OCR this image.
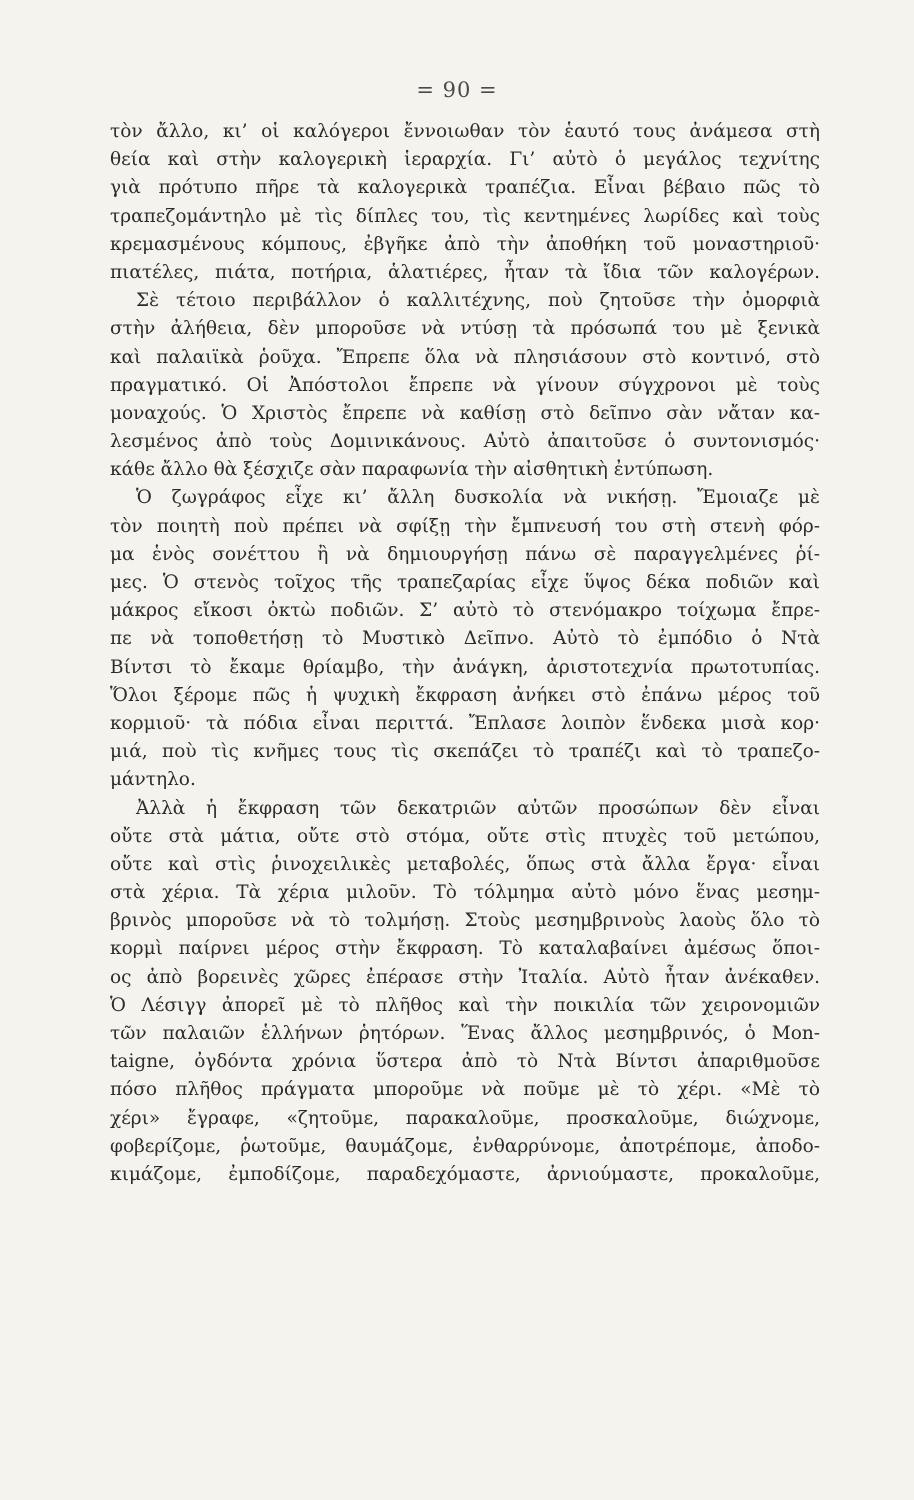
= 90 =
τὸν ἄλλο, κι’ οἱ καλόγεροι ἔννοιωθαν τὸν ἑαυτό τους ἀνάμεσα στὴ
θεία καὶ στὴν καλογερικὴ ἱεραρχία. Γι’ αὐτὸ ὁ μεγάλος τεχνίτης
γιὰ πρότυπο πῆρε τὰ καλογερικὰ τραπέζια. Εἶναι βέβαιο πῶς τὸ
τραπεζομάντηλο μὲ τὶς δίπλες του, τὶς κεντημένες λωρίδες καὶ τοὺς
κρεμασμένους κόμπους, ἐβγῆκε ἀπὸ τὴν ἀποθήκη τοῦ μοναστηριοῦ·
πιατέλες, πιάτα, ποτήρια, ἁλατιέρες, ἦταν τὰ ἴδια τῶν καλογέρων.
Σὲ τέτοιο περιβάλλον ὁ καλλιτέχνης, ποὺ ζητοῦσε τὴν ὀμορφιὰ
στὴν ἀλήθεια, δὲν μποροῦσε νὰ ντύσῃ τὰ πρόσωπά του μὲ ξενικὰ
καὶ παλαιϊκὰ ῥοῦχα. Ἔπρεπε ὅλα νὰ πλησιάσουν στὸ κοντινό, στὸ
πραγματικό. Οἱ Ἀπόστολοι ἔπρεπε νὰ γίνουν σύγχρονοι μὲ τοὺς
μοναχούς. Ὁ Χριστὸς ἔπρεπε νὰ καθίσῃ στὸ δεῖπνο σὰν νἄταν κα-
λεσμένος ἀπὸ τοὺς Δομινικάνους. Αὐτὸ ἀπαιτοῦσε ὁ συντονισμός·
κάθε ἄλλο θὰ ξέσχιζε σὰν παραφωνία τὴν αἰσθητικὴ ἐντύπωση.
Ὁ ζωγράφος εἶχε κι’ ἄλλη δυσκολία νὰ νικήσῃ. Ἔμοιαζε μὲ
τὸν ποιητὴ ποὺ πρέπει νὰ σφίξῃ τὴν ἔμπνευσή του στὴ στενὴ φόρ-
μα ἑνὸς σονέττου ἢ νὰ δημιουργήσῃ πάνω σὲ παραγγελμένες ῥί-
μες. Ὁ στενὸς τοῖχος τῆς τραπεζαρίας εἶχε ὕψος δέκα ποδιῶν καὶ
μάκρος εἴκοσι ὀκτὼ ποδιῶν. Σ’ αὐτὸ τὸ στενόμακρο τοίχωμα ἔπρε-
πε νὰ τοποθετήσῃ τὸ Μυστικὸ Δεῖπνο. Αὐτὸ τὸ ἐμπόδιο ὁ Ντὰ
Βίντσι τὸ ἔκαμε θρίαμβο, τὴν ἀνάγκη, ἀριστοτεχνία πρωτοτυπίας.
Ὅλοι ξέρομε πῶς ἡ ψυχικὴ ἔκφραση ἀνήκει στὸ ἐπάνω μέρος τοῦ
κορμιοῦ· τὰ πόδια εἶναι περιττά. Ἔπλασε λοιπὸν ἕνδεκα μισὰ κορ·
μιά, ποὺ τὶς κνῆμες τους τὶς σκεπάζει τὸ τραπέζι καὶ τὸ τραπεζο-
μάντηλο.
Ἀλλὰ ἡ ἔκφραση τῶν δεκατριῶν αὐτῶν προσώπων δὲν εἶναι
οὔτε στὰ μάτια, οὔτε στὸ στόμα, οὔτε στὶς πτυχὲς τοῦ μετώπου,
οὔτε καὶ στὶς ῥινοχειλικὲς μεταβολές, ὅπως στὰ ἄλλα ἔργα· εἶναι
στὰ χέρια. Τὰ χέρια μιλοῦν. Τὸ τόλμημα αὐτὸ μόνο ἕνας μεσημ-
βρινὸς μποροῦσε νὰ τὸ τολμήσῃ. Στοὺς μεσημβρινοὺς λαοὺς ὅλο τὸ
κορμὶ παίρνει μέρος στὴν ἔκφραση. Τὸ καταλαβαίνει ἀμέσως ὅποι-
ος ἀπὸ βορεινὲς χῶρες ἐπέρασε στὴν Ἰταλία. Αὐτὸ ἦταν ἀνέκαθεν.
Ὁ Λέσιγγ ἀπορεῖ μὲ τὸ πλῆθος καὶ τὴν ποικιλία τῶν χειρονομιῶν
τῶν παλαιῶν ἑλλήνων ῥητόρων. Ἕνας ἄλλος μεσημβρινός, ὁ Mon-
taigne, ὀγδόντα χρόνια ὕστερα ἀπὸ τὸ Ντὰ Βίντσι ἀπαριθμοῦσε
πόσο πλῆθος πράγματα μποροῦμε νὰ ποῦμε μὲ τὸ χέρι. «Μὲ τὸ
χέρι» ἔγραφε, «ζητοῦμε, παρακαλοῦμε, προσκαλοῦμε, διώχνομε,
φοβερίζομε, ῥωτοῦμε, θαυμάζομε, ἐνθαρρύνομε, ἀποτρέπομε, ἀποδο-
κιμάζομε, ἐμποδίζομε, παραδεχόμαστε, ἀρνιούμαστε, προκαλοῦμε,
